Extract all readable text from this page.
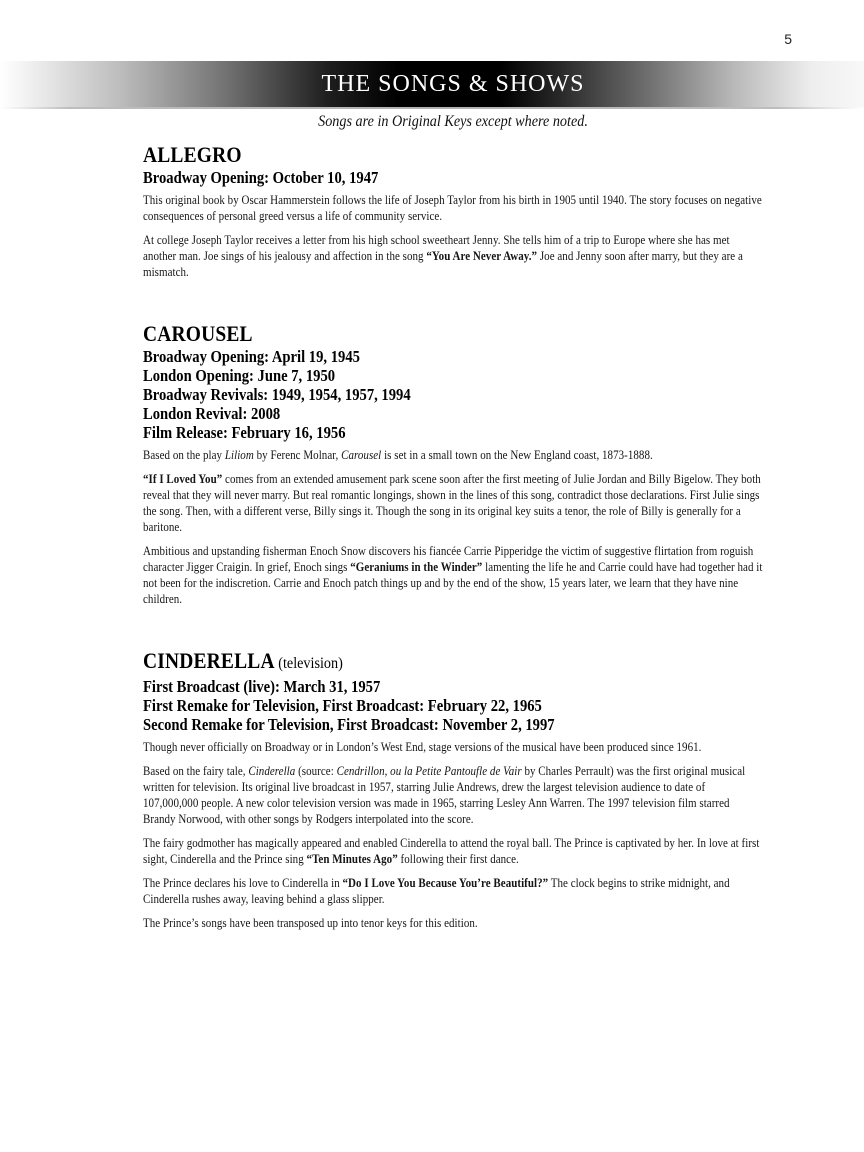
5
THE SONGS & SHOWS

Songs are in Original Keys except where noted.

ALLEGRO
Broadway Opening: October 10, 1947

This original book by Oscar Hammerstein follows the life of Joseph Taylor from his birth in 1905 until 1940. The story focuses on negative consequences of personal greed versus a life of community service.

At college Joseph Taylor receives a letter from his high school sweetheart Jenny. She tells him of a trip to Europe where she has met another man. Joe sings of his jealousy and affection in the song “You Are Never Away.” Joe and Jenny soon after marry, but they are a mismatch.

CAROUSEL
Broadway Opening: April 19, 1945
London Opening: June 7, 1950
Broadway Revivals: 1949, 1954, 1957, 1994
London Revival: 2008
Film Release: February 16, 1956

Based on the play Liliom by Ferenc Molnar, Carousel is set in a small town on the New England coast, 1873-1888.

“If I Loved You” comes from an extended amusement park scene soon after the first meeting of Julie Jordan and Billy Bigelow. They both reveal that they will never marry. But real romantic longings, shown in the lines of this song, contradict those declarations. First Julie sings the song. Then, with a different verse, Billy sings it. Though the song in its original key suits a tenor, the role of Billy is generally for a baritone.

Ambitious and upstanding fisherman Enoch Snow discovers his fiancée Carrie Pipperidge the victim of suggestive flirtation from roguish character Jigger Craigin. In grief, Enoch sings “Geraniums in the Winder” lamenting the life he and Carrie could have had together had it not been for the indiscretion. Carrie and Enoch patch things up and by the end of the show, 15 years later, we learn that they have nine children.

CINDERELLA (television)
First Broadcast (live): March 31, 1957
First Remake for Television, First Broadcast: February 22, 1965
Second Remake for Television, First Broadcast: November 2, 1997

Though never officially on Broadway or in London’s West End, stage versions of the musical have been produced since 1961.

Based on the fairy tale, Cinderella (source: Cendrillon, ou la Petite Pantoufle de Vair by Charles Perrault) was the first original musical written for television. Its original live broadcast in 1957, starring Julie Andrews, drew the largest television audience to date of 107,000,000 people. A new color television version was made in 1965, starring Lesley Ann Warren. The 1997 television film starred Brandy Norwood, with other songs by Rodgers interpolated into the score.

The fairy godmother has magically appeared and enabled Cinderella to attend the royal ball. The Prince is captivated by her. In love at first sight, Cinderella and the Prince sing “Ten Minutes Ago” following their first dance.

The Prince declares his love to Cinderella in “Do I Love You Because You’re Beautiful?” The clock begins to strike midnight, and Cinderella rushes away, leaving behind a glass slipper.

The Prince’s songs have been transposed up into tenor keys for this edition.
